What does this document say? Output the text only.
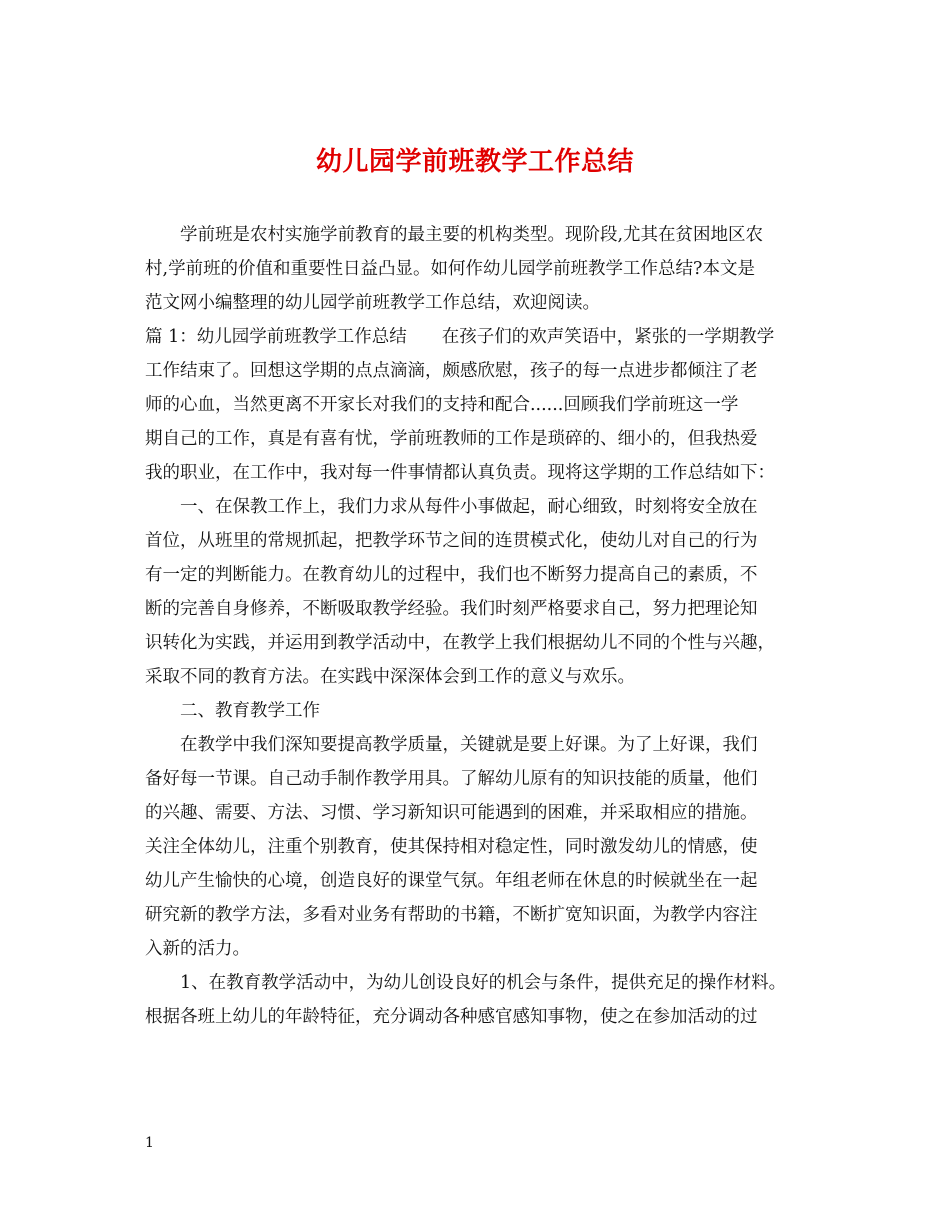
幼儿园学前班教学工作总结
　　学前班是农村实施学前教育的最主要的机构类型。现阶段,尤其在贫困地区农
村,学前班的价值和重要性日益凸显。如何作幼儿园学前班教学工作总结?本文是
范文网小编整理的幼儿园学前班教学工作总结，欢迎阅读。
篇 1：幼儿园学前班教学工作总结　　在孩子们的欢声笑语中，紧张的一学期教学
工作结束了。回想这学期的点点滴滴，颇感欣慰，孩子的每一点进步都倾注了老
师的心血，当然更离不开家长对我们的支持和配合......回顾我们学前班这一学
期自己的工作，真是有喜有忧，学前班教师的工作是琐碎的、细小的，但我热爱
我的职业，在工作中，我对每一件事情都认真负责。现将这学期的工作总结如下：
　　一、在保教工作上，我们力求从每件小事做起，耐心细致，时刻将安全放在
首位，从班里的常规抓起，把教学环节之间的连贯模式化，使幼儿对自己的行为
有一定的判断能力。在教育幼儿的过程中，我们也不断努力提高自己的素质，不
断的完善自身修养，不断吸取教学经验。我们时刻严格要求自己，努力把理论知
识转化为实践，并运用到教学活动中，在教学上我们根据幼儿不同的个性与兴趣，
采取不同的教育方法。在实践中深深体会到工作的意义与欢乐。
　　二、教育教学工作
　　在教学中我们深知要提高教学质量，关键就是要上好课。为了上好课，我们
备好每一节课。自己动手制作教学用具。了解幼儿原有的知识技能的质量，他们
的兴趣、需要、方法、习惯、学习新知识可能遇到的困难，并采取相应的措施。
关注全体幼儿，注重个别教育，使其保持相对稳定性，同时激发幼儿的情感，使
幼儿产生愉快的心境，创造良好的课堂气氛。年组老师在休息的时候就坐在一起
研究新的教学方法，多看对业务有帮助的书籍，不断扩宽知识面，为教学内容注
入新的活力。
　　1、在教育教学活动中，为幼儿创设良好的机会与条件，提供充足的操作材料。
根据各班上幼儿的年龄特征，充分调动各种感官感知事物，使之在参加活动的过
1
